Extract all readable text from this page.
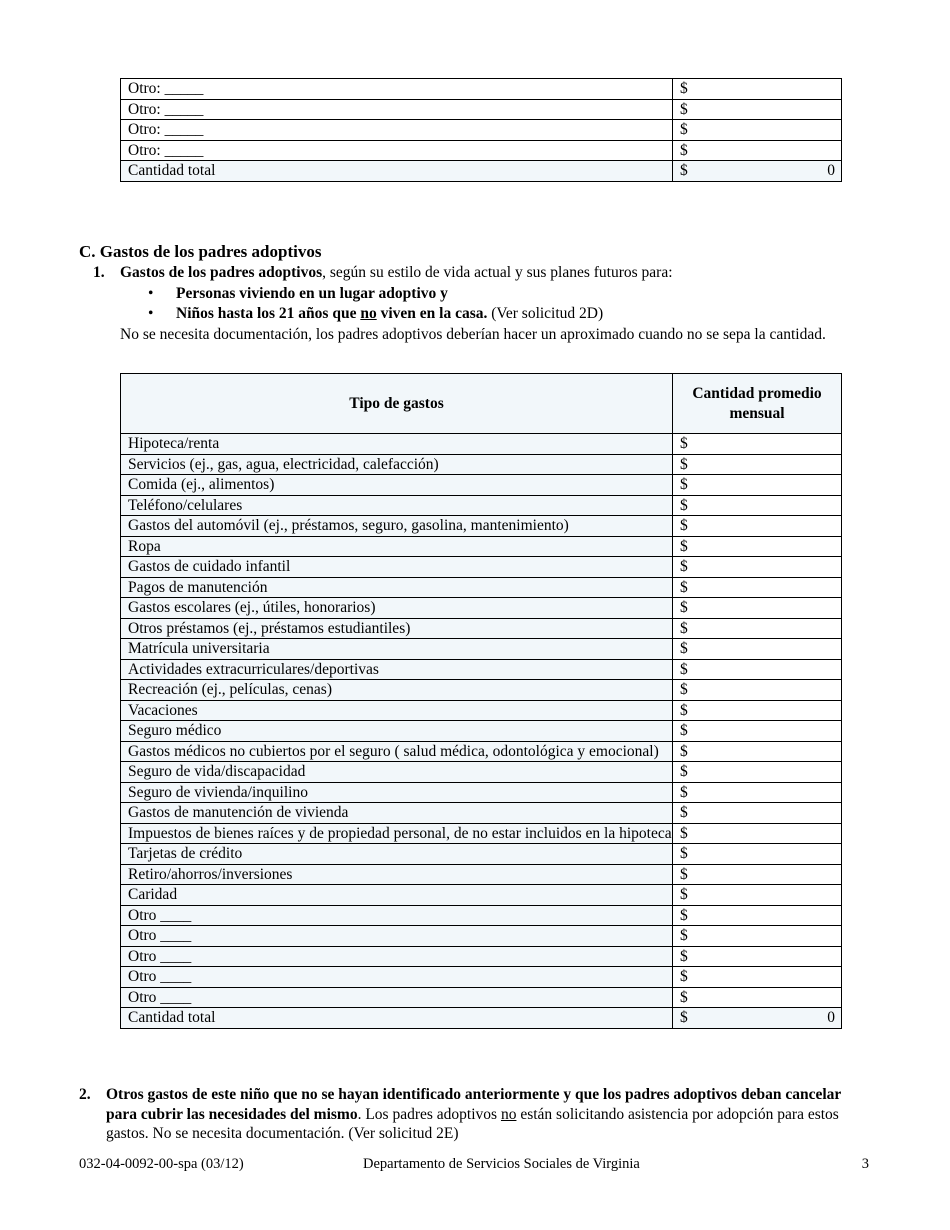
Otro: _____	$
Otro: _____	$
Otro: _____	$
Otro: _____	$
Cantidad total	$ 0
C. Gastos de los padres adoptivos
1. Gastos de los padres adoptivos, según su estilo de vida actual y sus planes futuros para:
• Personas viviendo en un lugar adoptivo y
• Niños hasta los 21 años que no viven en la casa. (Ver solicitud 2D)
No se necesita documentación, los padres adoptivos deberían hacer un aproximado cuando no se sepa la cantidad.
Tipo de gastos	Cantidad promedio mensual
Hipoteca/renta	$
Servicios (ej., gas, agua, electricidad, calefacción)	$
Comida (ej., alimentos)	$
Teléfono/celulares	$
Gastos del automóvil (ej., préstamos, seguro, gasolina, mantenimiento)	$
Ropa	$
Gastos de cuidado infantil	$
Pagos de manutención	$
Gastos escolares (ej., útiles, honorarios)	$
Otros préstamos (ej., préstamos estudiantiles)	$
Matrícula universitaria	$
Actividades extracurriculares/deportivas	$
Recreación (ej., películas, cenas)	$
Vacaciones	$
Seguro médico	$
Gastos médicos no cubiertos por el seguro ( salud médica, odontológica y emocional)	$
Seguro de vida/discapacidad	$
Seguro de vivienda/inquilino	$
Gastos de manutención de vivienda	$
Impuestos de bienes raíces y de propiedad personal, de no estar incluidos en la hipoteca	$
Tarjetas de crédito	$
Retiro/ahorros/inversiones	$
Caridad	$
Otro ____	$
Otro ____	$
Otro ____	$
Otro ____	$
Otro ____	$
Cantidad total	$ 0
2. Otros gastos de este niño que no se hayan identificado anteriormente y que los padres adoptivos deban cancelar para cubrir las necesidades del mismo. Los padres adoptivos no están solicitando asistencia por adopción para estos gastos. No se necesita documentación. (Ver solicitud 2E)
032-04-0092-00-spa (03/12)	Departamento de Servicios Sociales de Virginia	3
